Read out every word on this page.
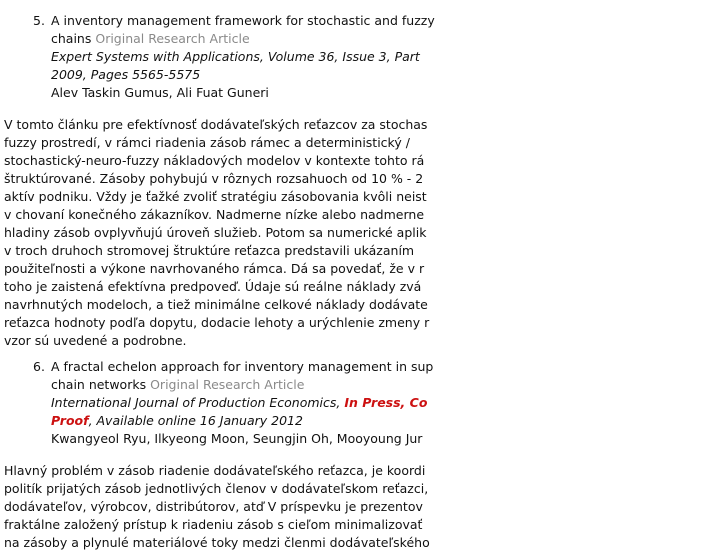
5. A inventory management framework for stochastic and fuzzy
chains Original Research Article
Expert Systems with Applications, Volume 36, Issue 3, Part
2009, Pages 5565-5575
Alev Taskin Gumus, Ali Fuat Guneri
V tomto článku pre efektívnosť dodávateľských reťazcov za stochas
fuzzy prostredí, v rámci riadenia zásob rámec a deterministický /
stochastický-neuro-fuzzy nákladových modelov v kontexte tohto rá
štruktúrované. Zásoby pohybujú v rôznych rozsahuoch od 10 % - 2
aktív podniku. Vždy je ťažké zvoliť stratégiu zásobovania kvôli neist
v chovaní konečného zákazníkov. Nadmerne nízke alebo nadmerne
hladiny zásob ovplyvňujú úroveň služieb. Potom sa numerické aplik
v troch druhoch stromovej štruktúre reťazca predstavili ukázaním
použiteľnosti a výkone navrhovaného rámca. Dá sa povedať, že v r
toho je zaistená efektívna predpoveď. Údaje sú reálne náklady zvá
navrhnutých modeloch, a tiež minimálne celkové náklady dodávate
reťazca hodnoty podľa dopytu, dodacie lehoty a urýchlenie zmeny r
vzor sú uvedené a podrobne.
6. A fractal echelon approach for inventory management in sup
chain networks Original Research Article
International Journal of Production Economics, In Press, Co
Proof, Available online 16 January 2012
Kwangyeol Ryu, Ilkyeong Moon, Seungjin Oh, Mooyoung Jur
Hlavný problém v zásob riadenie dodávateľského reťazca, je koordi
politík prijatých zásob jednotlivých členov v dodávateľskom reťazci,
dodávateľov, výrobcov, distribútorov, atď V príspevku je prezentov
fraktálne založený prístup k riadeniu zásob s cieľom minimalizovať
na zásoby a plynulé materiálové toky medzi členmi dodávateľského
